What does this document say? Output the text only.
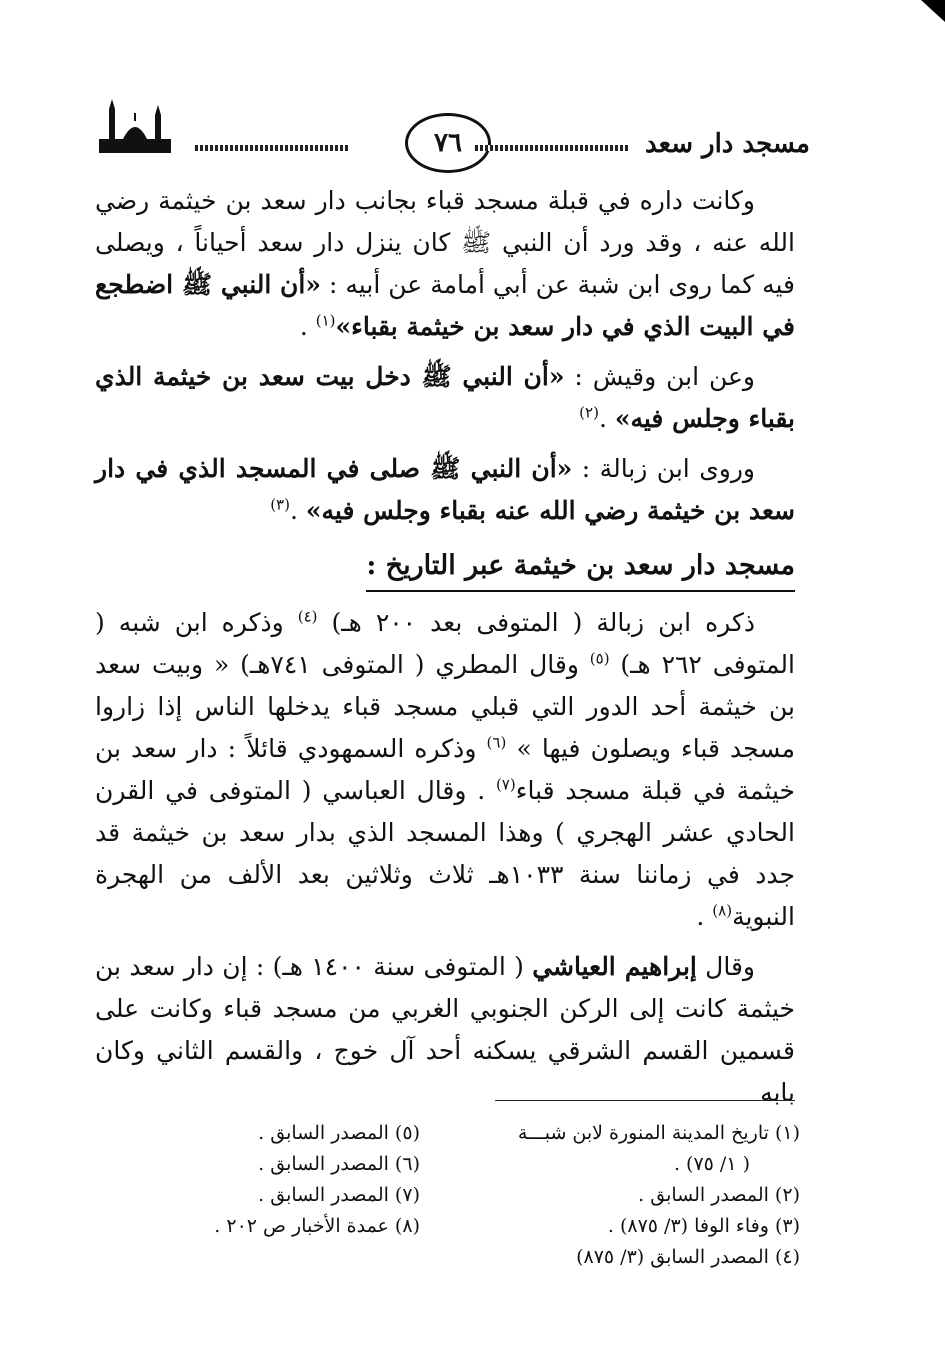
٧٦	مسجد دار سعد

وكانت داره في قبلة مسجد قباء بجانب دار سعد بن خيثمة رضي الله عنه ، وقد ورد أن النبي ﷺ كان ينزل دار سعد أحياناً ، ويصلى فيه كما روى ابن شبة عن أبي أمامة عن أبيه : «أن النبي ﷺ اضطجع في البيت الذي في دار سعد بن خيثمة بقباء»$^{(١)}$ .

وعن ابن وقيش : «أن النبي ﷺ دخل بيت سعد بن خيثمة الذي بقباء وجلس فيه» .$^{(٢)}$

وروى ابن زبالة : «أن النبي ﷺ صلى في المسجد الذي في دار سعد بن خيثمة رضي الله عنه بقباء وجلس فيه» .$^{(٣)}$

مسجد دار سعد بن خيثمة عبر التاريخ :

ذكره ابن زبالة ( المتوفى بعد ٢٠٠ هـ) $^{(٤)}$ وذكره ابن شبه ( المتوفى ٢٦٢ هـ) $^{(٥)}$ وقال المطري ( المتوفى ٧٤١هـ) « وبيت سعد بن خيثمة أحد الدور التي قبلي مسجد قباء يدخلها الناس إذا زاروا مسجد قباء ويصلون فيها » $^{(٦)}$ وذكره السمهودي قائلاً : دار سعد بن خيثمة في قبلة مسجد قباء$^{(٧)}$ . وقال العباسي ( المتوفى في القرن الحادي عشر الهجري ) وهذا المسجد الذي بدار سعد بن خيثمة قد جدد في زماننا سنة ١٠٣٣هـ ثلاث وثلاثين بعد الألف من الهجرة النبوية$^{(٨)}$ .

وقال إبراهيم العياشي ( المتوفى سنة ١٤٠٠ هـ) : إن دار سعد بن خيثمة كانت إلى الركن الجنوبي الغربي من مسجد قباء وكانت على قسمين القسم الشرقي يسكنه أحد آل خوج ، والقسم الثاني وكان بابه

(١) تاريخ المدينة المنورة لابن شبـــة
( ١/ ٧٥) .
(٢) المصدر السابق .
(٣) وفاء الوفا (٣/ ٨٧٥) .
(٤) المصدر السابق (٣/ ٨٧٥)
(٥) المصدر السابق .
(٦) المصدر السابق .
(٧) المصدر السابق .
(٨) عمدة الأخبار ص ٢٠٢ .
